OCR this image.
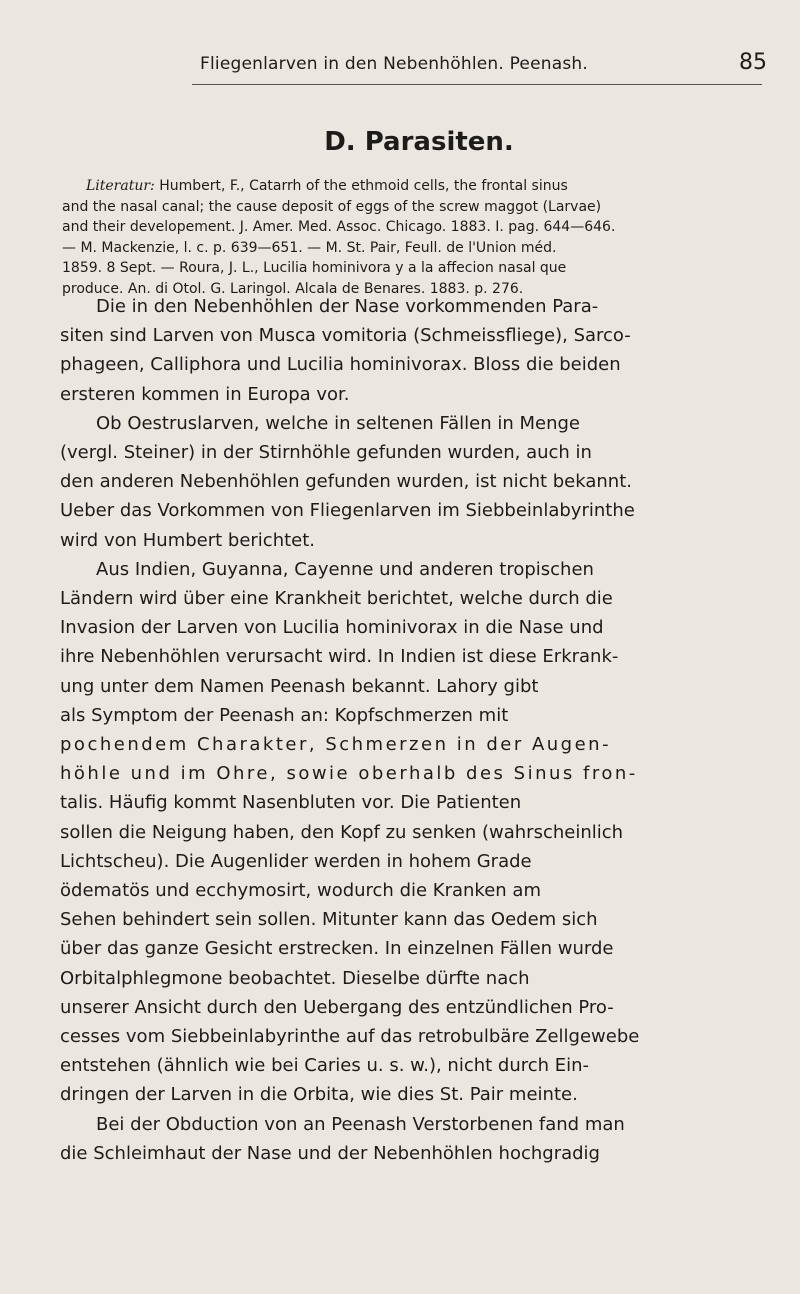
Fliegenlarven in den Nebenhöhlen. Peenash.	85
D. Parasiten.
Literatur: Humbert, F., Catarrh of the ethmoid cells, the frontal sinus
and the nasal canal; the cause deposit of eggs of the screw maggot (Larvae)
and their developement. J. Amer. Med. Assoc. Chicago. 1883. I. pag. 644—646.
— M. Mackenzie, l. c. p. 639—651. — M. St. Pair, Feull. de l'Union méd.
1859. 8 Sept. — Roura, J. L., Lucilia hominivora y a la affecion nasal que
produce. An. di Otol. G. Laringol. Alcala de Benares. 1883. p. 276.
Die in den Nebenhöhlen der Nase vorkommenden Para-
siten sind Larven von Musca vomitoria (Schmeissfliege), Sarco-
phageen, Calliphora und Lucilia hominivorax. Bloss die beiden
ersteren kommen in Europa vor.
Ob Oestruslarven, welche in seltenen Fällen in Menge
(vergl. Steiner) in der Stirnhöhle gefunden wurden, auch in
den anderen Nebenhöhlen gefunden wurden, ist nicht bekannt.
Ueber das Vorkommen von Fliegenlarven im Siebbeinlabyrinthe
wird von Humbert berichtet.
Aus Indien, Guyanna, Cayenne und anderen tropischen
Ländern wird über eine Krankheit berichtet, welche durch die
Invasion der Larven von Lucilia hominivorax in die Nase und
ihre Nebenhöhlen verursacht wird. In Indien ist diese Erkrank-
ung unter dem Namen Peenash bekannt. Lahory gibt
als Symptom der Peenash an: Kopfschmerzen mit
pochendem Charakter, Schmerzen in der Augen-
höhle und im Ohre, sowie oberhalb des Sinus fron-
talis. Häufig kommt Nasenbluten vor. Die Patienten
sollen die Neigung haben, den Kopf zu senken (wahrscheinlich
Lichtscheu). Die Augenlider werden in hohem Grade
ödematös und ecchymosirt, wodurch die Kranken am
Sehen behindert sein sollen. Mitunter kann das Oedem sich
über das ganze Gesicht erstrecken. In einzelnen Fällen wurde
Orbitalphlegmone beobachtet. Dieselbe dürfte nach
unserer Ansicht durch den Uebergang des entzündlichen Pro-
cesses vom Siebbeinlabyrinthe auf das retrobulbäre Zellgewebe
entstehen (ähnlich wie bei Caries u. s. w.), nicht durch Ein-
dringen der Larven in die Orbita, wie dies St. Pair meinte.
Bei der Obduction von an Peenash Verstorbenen fand man
die Schleimhaut der Nase und der Nebenhöhlen hochgradig
